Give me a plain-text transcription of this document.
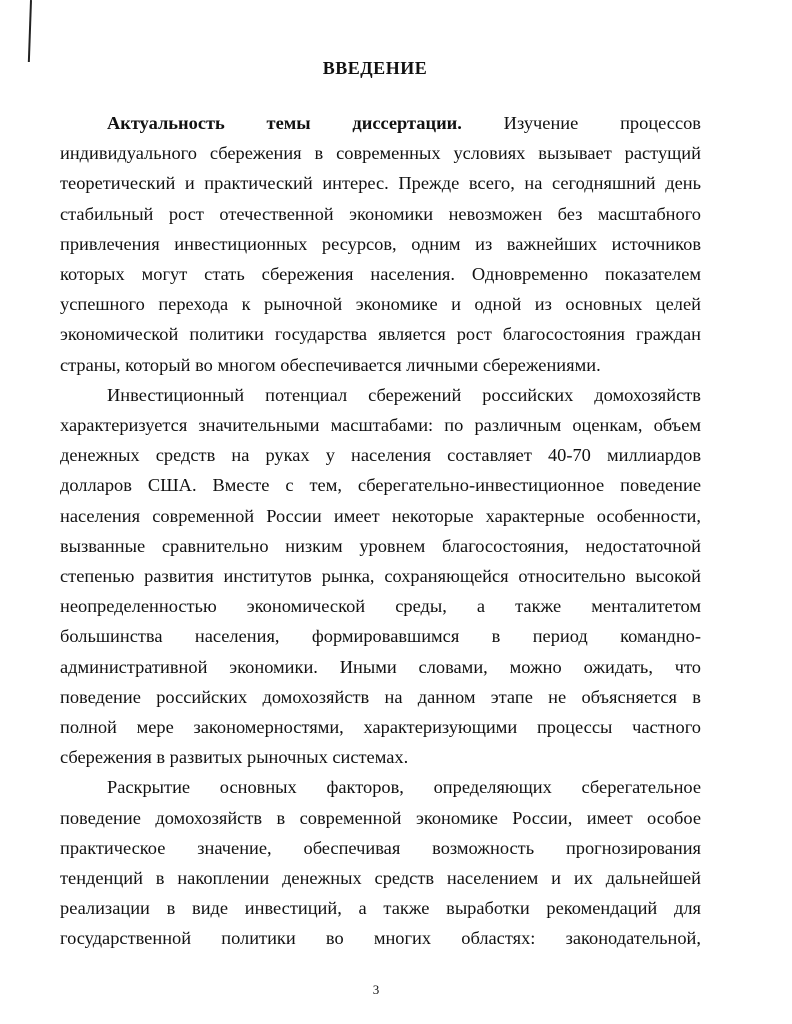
ВВЕДЕНИЕ

Актуальность темы диссертации. Изучение процессов
индивидуального сбережения в современных условиях вызывает растущий
теоретический и практический интерес. Прежде всего, на сегодняшний день
стабильный рост отечественной экономики невозможен без масштабного
привлечения инвестиционных ресурсов, одним из важнейших источников
которых могут стать сбережения населения. Одновременно показателем
успешного перехода к рыночной экономике и одной из основных целей
экономической политики государства является рост благосостояния граждан
страны, который во многом обеспечивается личными сбережениями.

Инвестиционный потенциал сбережений российских домохозяйств
характеризуется значительными масштабами: по различным оценкам, объем
денежных средств на руках у населения составляет 40-70 миллиардов
долларов США. Вместе с тем, сберегательно-инвестиционное поведение
населения современной России имеет некоторые характерные особенности,
вызванные сравнительно низким уровнем благосостояния, недостаточной
степенью развития институтов рынка, сохраняющейся относительно высокой
неопределенностью экономической среды, а также менталитетом
большинства населения, формировавшимся в период командно-
административной экономики. Иными словами, можно ожидать, что
поведение российских домохозяйств на данном этапе не объясняется в
полной мере закономерностями, характеризующими процессы частного
сбережения в развитых рыночных системах.

Раскрытие основных факторов, определяющих сберегательное
поведение домохозяйств в современной экономике России, имеет особое
практическое значение, обеспечивая возможность прогнозирования
тенденций в накоплении денежных средств населением и их дальнейшей
реализации в виде инвестиций, а также выработки рекомендаций для
государственной политики во многих областях: законодательной,

3
